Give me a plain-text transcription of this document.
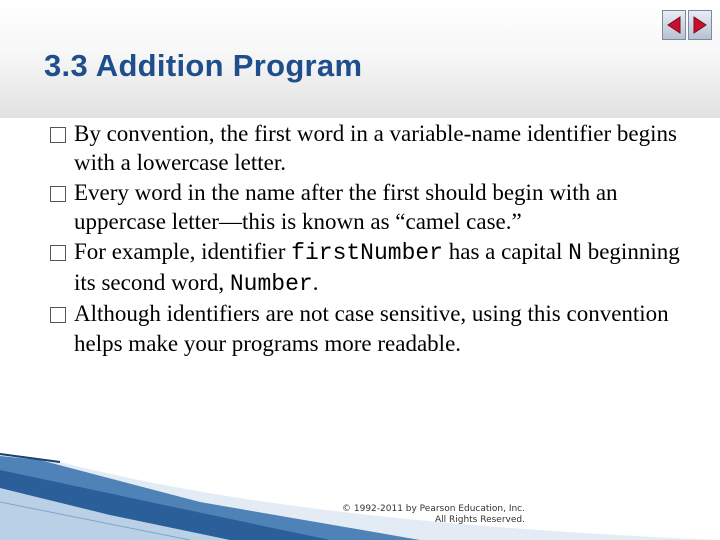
3.3 Addition Program
By convention, the first word in a variable-name identifier begins with a lowercase letter.
Every word in the name after the first should begin with an uppercase letter—this is known as “camel case.”
For example, identifier firstNumber has a capital N beginning its second word, Number.
Although identifiers are not case sensitive, using this convention helps make your programs more readable.
© 1992-2011 by Pearson Education, Inc.
All Rights Reserved.
